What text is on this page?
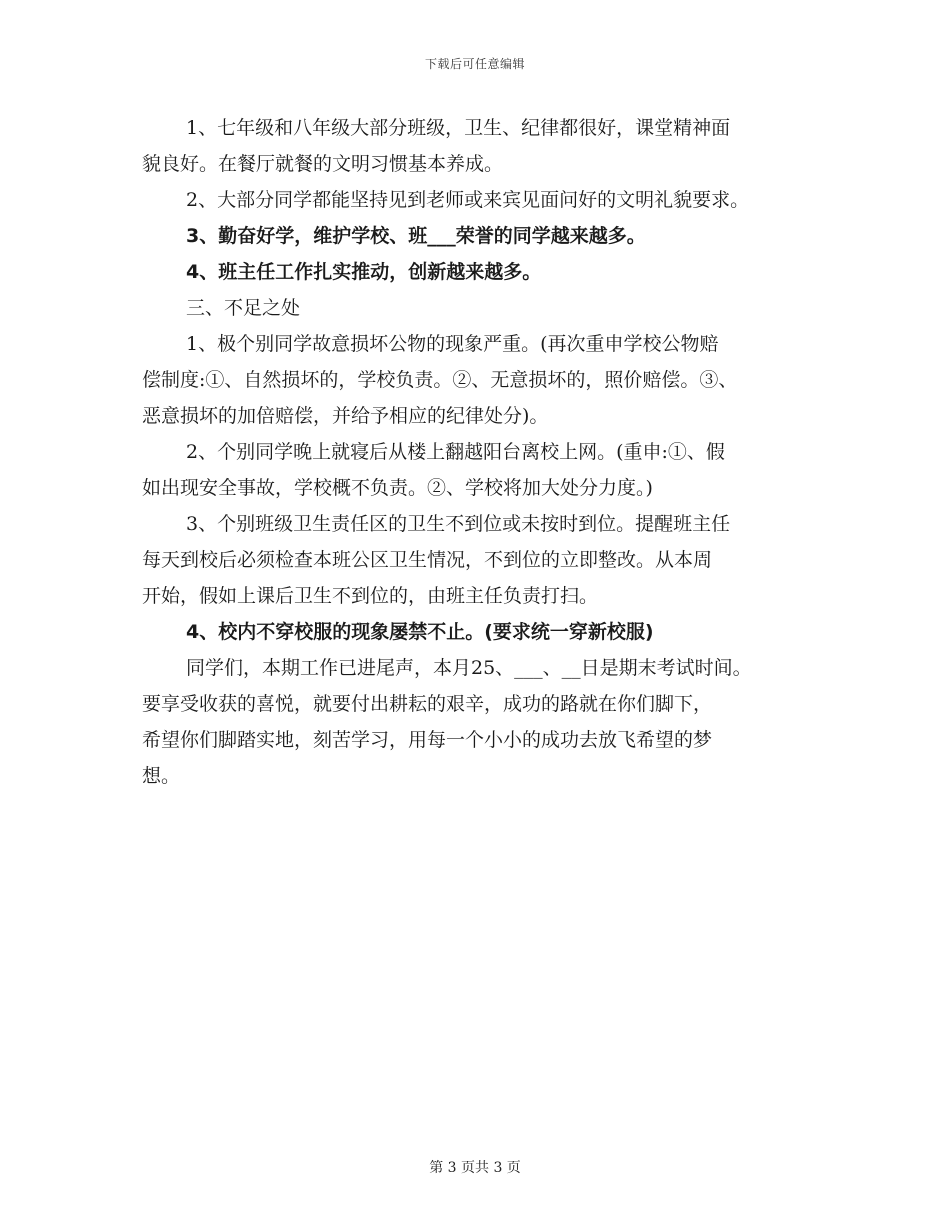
下载后可任意编辑
1、七年级和八年级大部分班级，卫生、纪律都很好，课堂精神面
貌良好。在餐厅就餐的文明习惯基本养成。
2、大部分同学都能坚持见到老师或来宾见面问好的文明礼貌要求。
3、勤奋好学，维护学校、班___荣誉的同学越来越多。
4、班主任工作扎实推动，创新越来越多。
三、不足之处
1、极个别同学故意损坏公物的现象严重。(再次重申学校公物赔
偿制度:①、自然损坏的，学校负责。②、无意损坏的，照价赔偿。③、
恶意损坏的加倍赔偿，并给予相应的纪律处分)。
2、个别同学晚上就寝后从楼上翻越阳台离校上网。(重申:①、假
如出现安全事故，学校概不负责。②、学校将加大处分力度。)
3、个别班级卫生责任区的卫生不到位或未按时到位。提醒班主任
每天到校后必须检查本班公区卫生情况，不到位的立即整改。从本周
开始，假如上课后卫生不到位的，由班主任负责打扫。
4、校内不穿校服的现象屡禁不止。(要求统一穿新校服)
同学们，本期工作已进尾声，本月25、___、__日是期末考试时间。
要享受收获的喜悦，就要付出耕耘的艰辛，成功的路就在你们脚下，
希望你们脚踏实地，刻苦学习，用每一个小小的成功去放飞希望的梦
想。
第 3 页共 3 页
